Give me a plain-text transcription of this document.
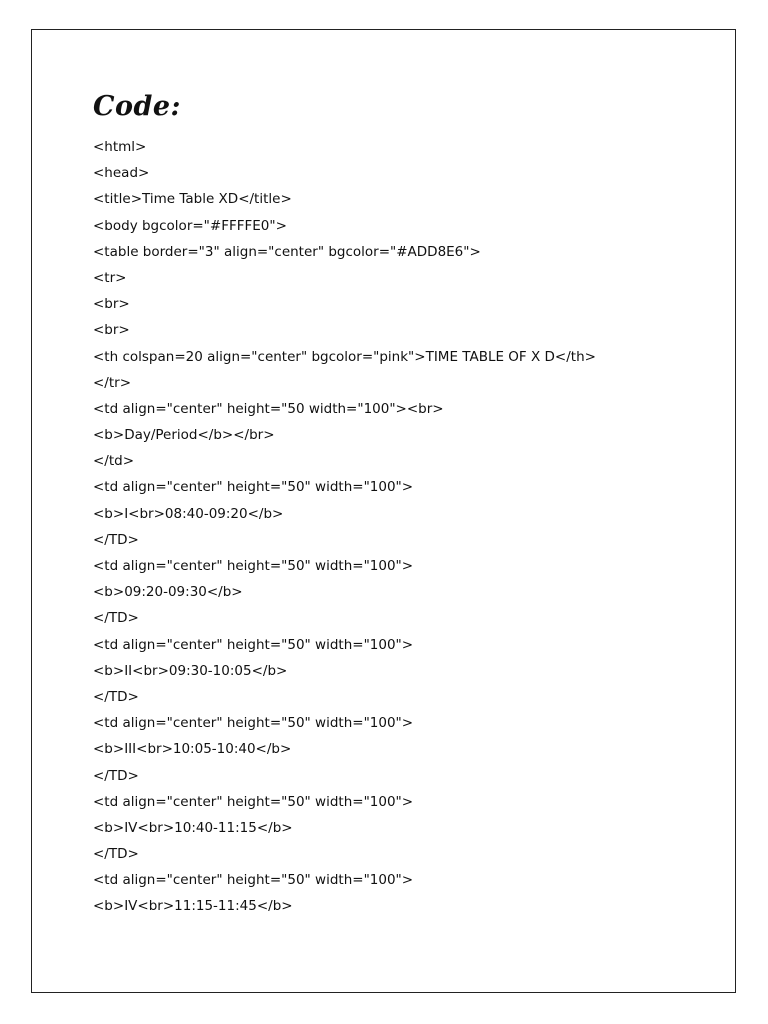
Code:
<html>
<head>
<title>Time Table XD</title>
<body bgcolor="#FFFFE0">
<table border="3" align="center" bgcolor="#ADD8E6">
<tr>
<br>
<br>
<th colspan=20 align="center" bgcolor="pink">TIME TABLE OF X D</th>
</tr>
<td align="center" height="50 width="100"><br>
<b>Day/Period</b></br>
</td>
<td align="center" height="50" width="100">
<b>I<br>08:40-09:20</b>
</TD>
<td align="center" height="50" width="100">
<b>09:20-09:30</b>
</TD>
<td align="center" height="50" width="100">
<b>II<br>09:30-10:05</b>
</TD>
<td align="center" height="50" width="100">
<b>III<br>10:05-10:40</b>
</TD>
<td align="center" height="50" width="100">
<b>IV<br>10:40-11:15</b>
</TD>
<td align="center" height="50" width="100">
<b>IV<br>11:15-11:45</b>
